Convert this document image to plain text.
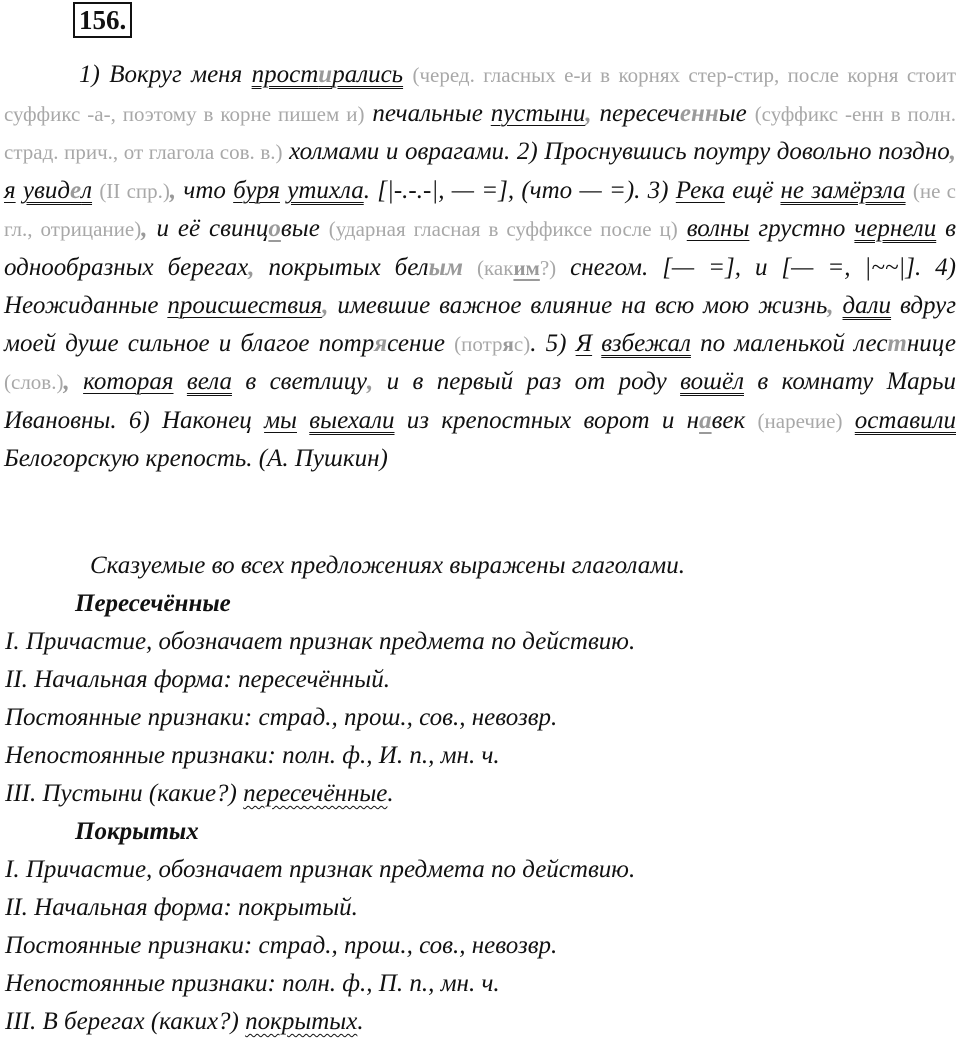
156.

1) Вокруг меня простирались (черед. гласных е-и в корнях стер-стир, после корня стоит суффикс -а-, поэтому в корне пишем и) печальные пустыни, пересеченные (суффикс -енн в полн. страд. прич., от глагола сов. в.) холмами и оврагами. 2) Проснувшись поутру довольно поздно, я увидел (II спр.), что буря утихла. [|-.-.-|, — =], (что — =). 3) Река ещё не замёрзла (не с гл., отрицание), и её свинцовые (ударная гласная в суффиксе после ц) волны грустно чернели в однообразных берегах, покрытых белым (каким?) снегом. [— =], и [— =, |~~|]. 4) Неожиданные происшествия, имевшие важное влияние на всю мою жизнь, дали вдруг моей душе сильное и благое потрясение (потряс). 5) Я взбежал по маленькой лестнице (слов.), которая вела в светлицу, и в первый раз от роду вошёл в комнату Марьи Ивановны. 6) Наконец мы выехали из крепостных ворот и навек (наречие) оставили Белогорскую крепость. (А. Пушкин)

Сказуемые во всех предложениях выражены глаголами.
Пересечённые
I. Причастие, обозначает признак предмета по действию.
II. Начальная форма: пересечённый.
Постоянные признаки: страд., прош., сов., невозвр.
Непостоянные признаки: полн. ф., И. п., мн. ч.
III. Пустыни (какие?) пересечённые.
Покрытых
I. Причастие, обозначает признак предмета по действию.
II. Начальная форма: покрытый.
Постоянные признаки: страд., прош., сов., невозвр.
Непостоянные признаки: полн. ф., П. п., мн. ч.
III. В берегах (каких?) покрытых.
